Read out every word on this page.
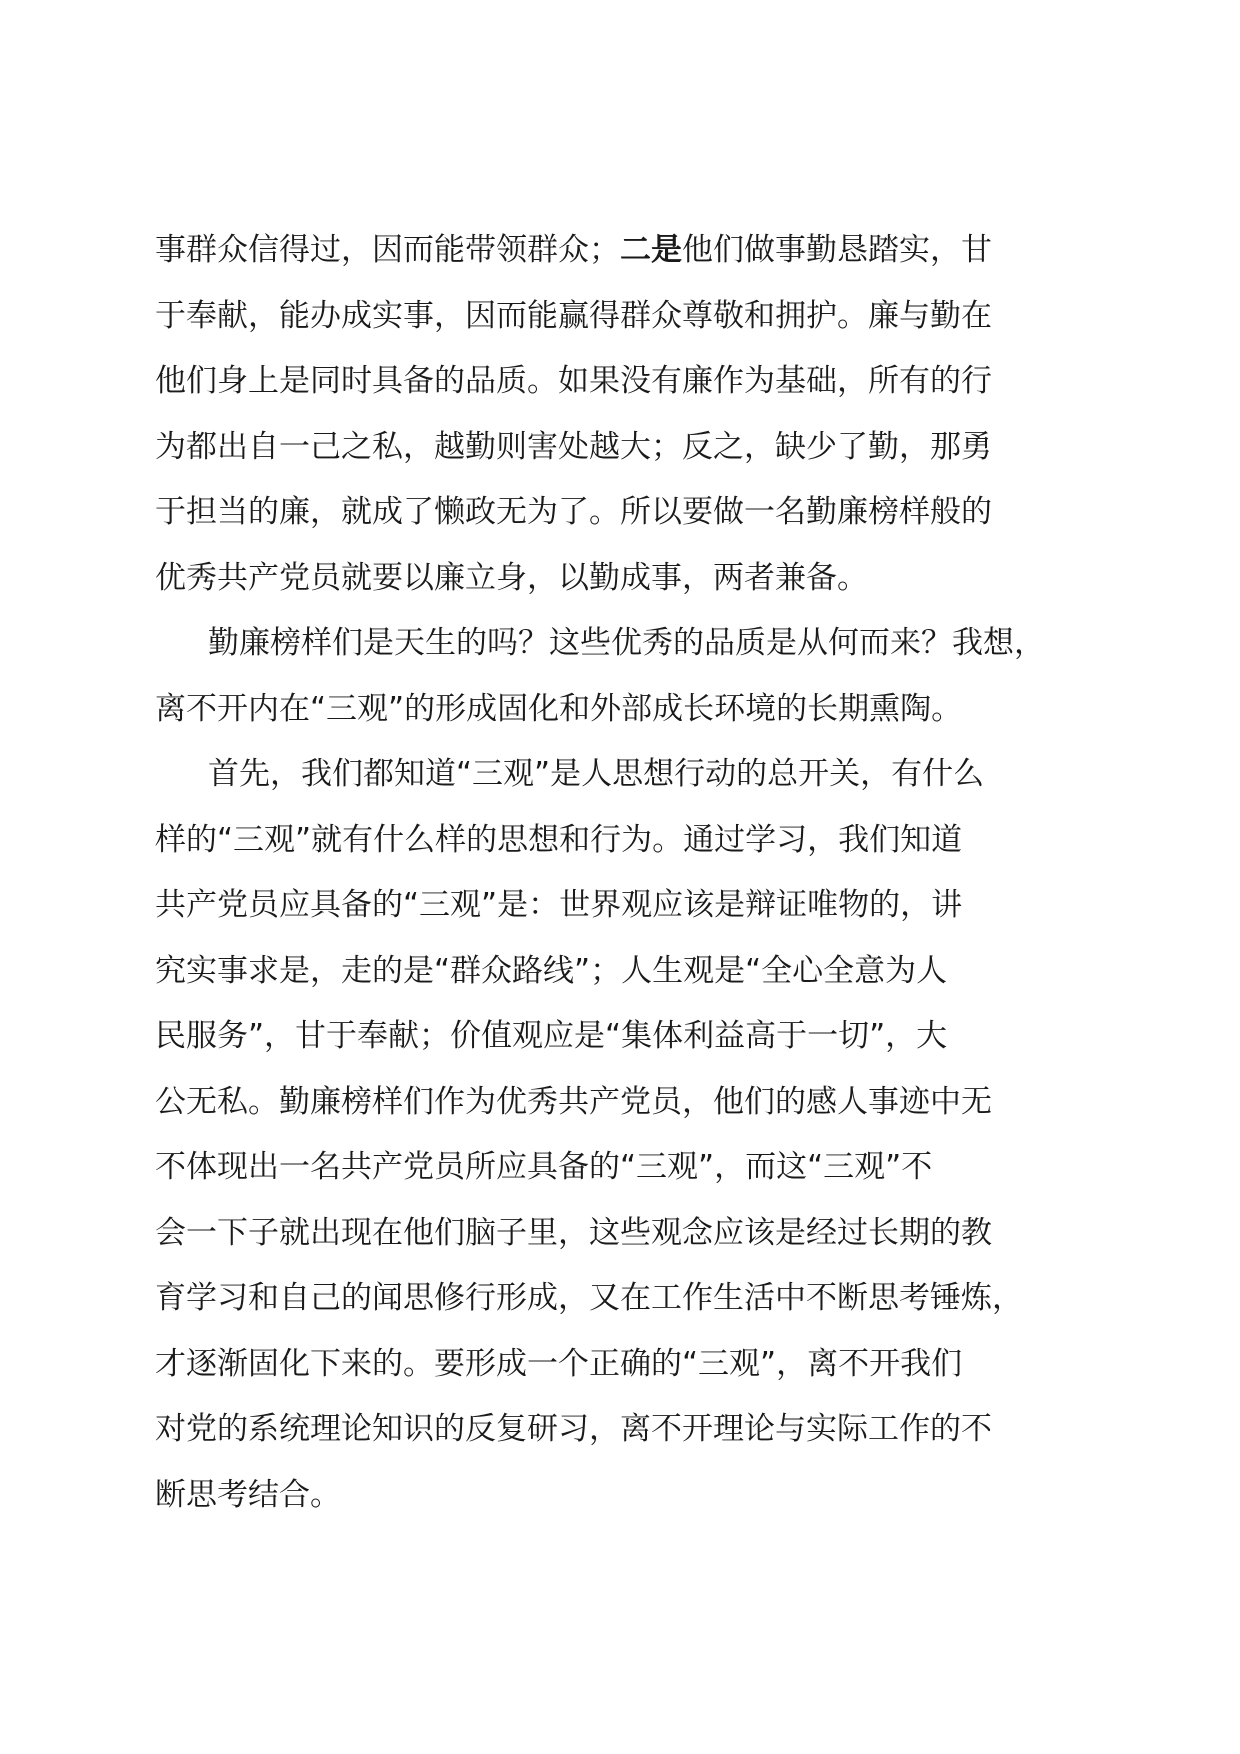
事群众信得过，因而能带领群众；二是他们做事勤恳踏实，甘
于奉献，能办成实事，因而能赢得群众尊敬和拥护。廉与勤在
他们身上是同时具备的品质。如果没有廉作为基础，所有的行
为都出自一己之私，越勤则害处越大；反之，缺少了勤，那勇
于担当的廉，就成了懒政无为了。所以要做一名勤廉榜样般的
优秀共产党员就要以廉立身，以勤成事，两者兼备。
勤廉榜样们是天生的吗？这些优秀的品质是从何而来？我想，
离不开内在“三观”的形成固化和外部成长环境的长期熏陶。
首先，我们都知道“三观”是人思想行动的总开关，有什么
样的“三观”就有什么样的思想和行为。通过学习，我们知道
共产党员应具备的“三观”是：世界观应该是辩证唯物的，讲
究实事求是，走的是“群众路线”；人生观是“全心全意为人
民服务”，甘于奉献；价值观应是“集体利益高于一切”，大
公无私。勤廉榜样们作为优秀共产党员，他们的感人事迹中无
不体现出一名共产党员所应具备的“三观”，而这“三观”不
会一下子就出现在他们脑子里，这些观念应该是经过长期的教
育学习和自己的闻思修行形成，又在工作生活中不断思考锤炼，
才逐渐固化下来的。要形成一个正确的“三观”，离不开我们
对党的系统理论知识的反复研习，离不开理论与实际工作的不
断思考结合。
